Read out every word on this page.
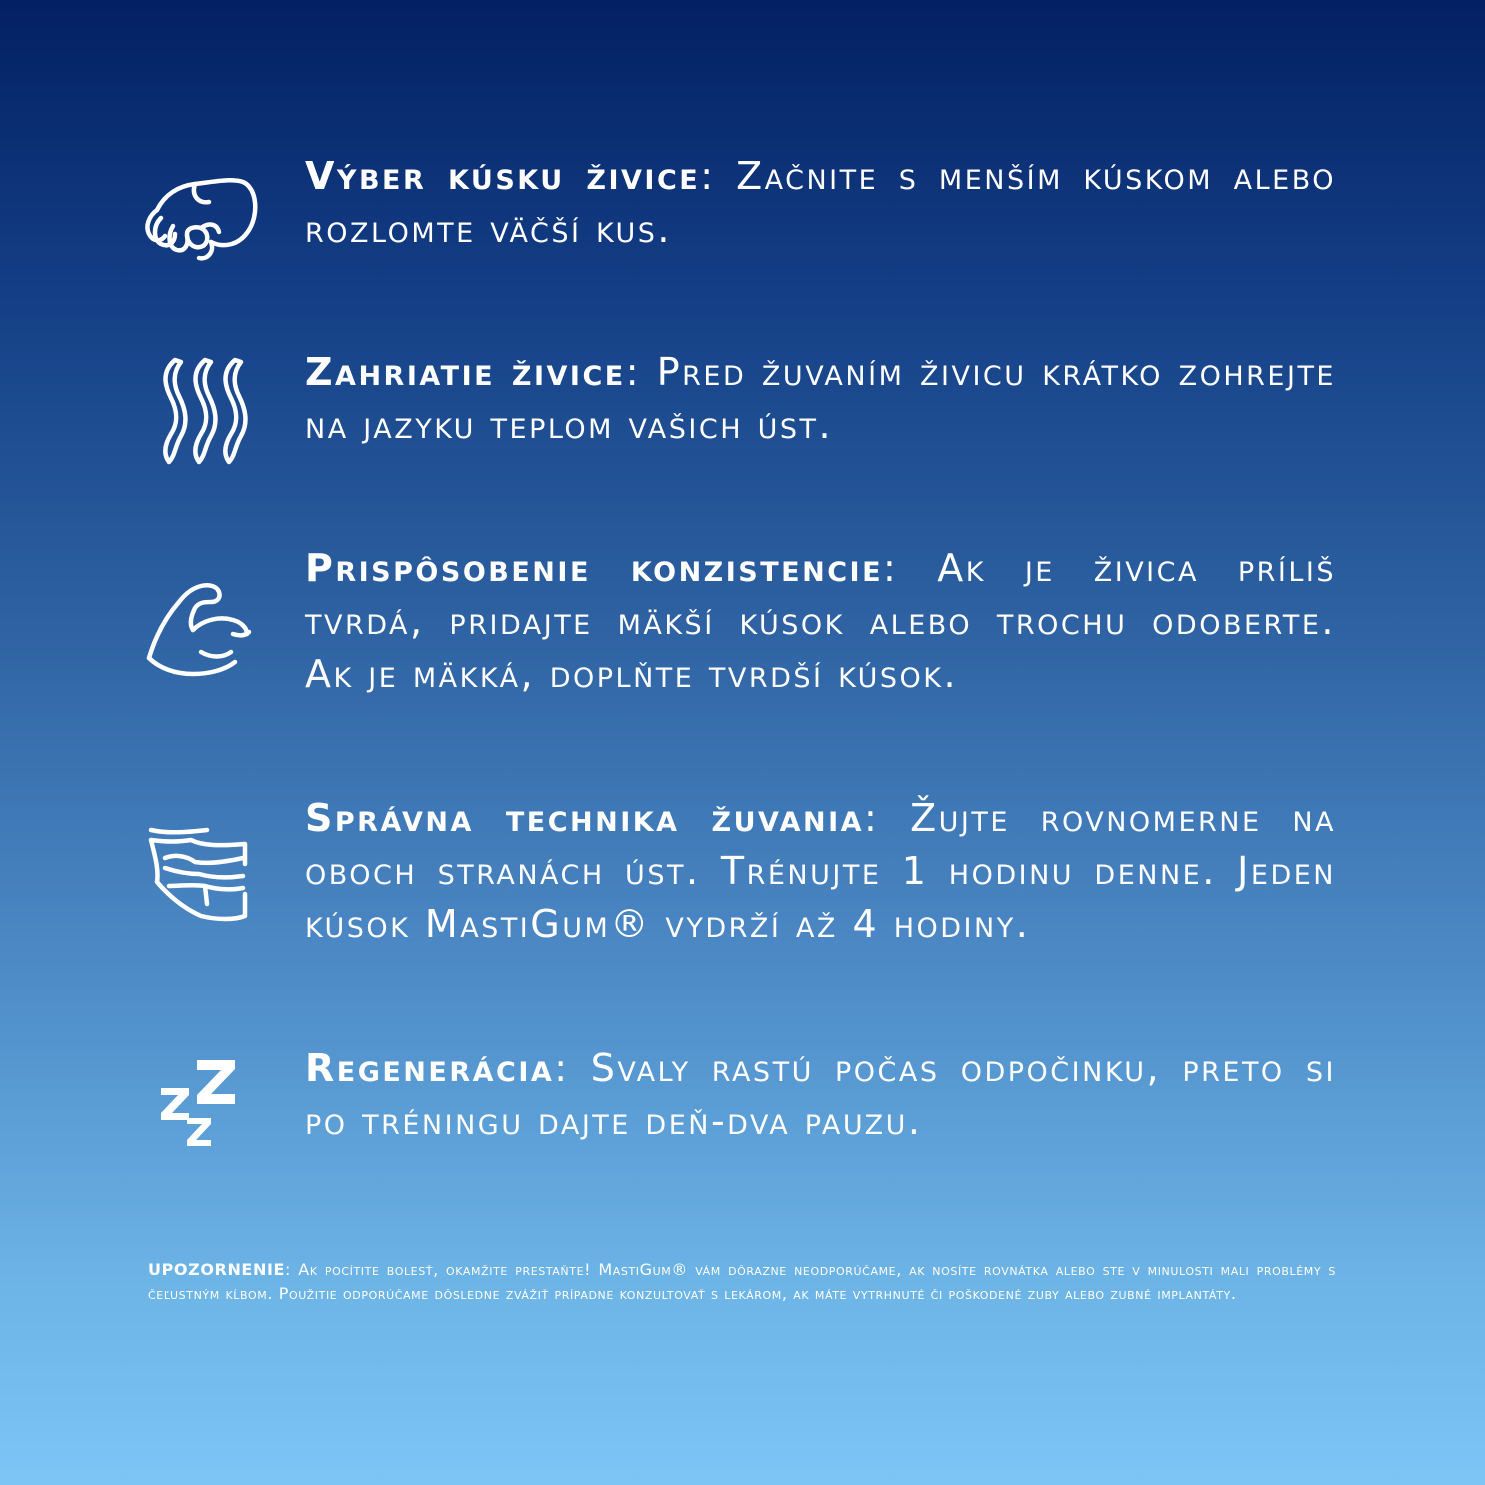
Výber kúsku živice: Začnite s menším kúskom alebo rozlomte väčší kus.

Zahriatie živice: Pred žuvaním živicu krátko zohrejte na jazyku teplom vašich úst.

Prispôsobenie konzistencie: Ak je živica príliš tvrdá, pridajte mäkší kúsok alebo trochu odoberte. Ak je mäkká, doplňte tvrdší kúsok.

Správna technika žuvania: Žujte rovnomerne na oboch stranách úst. Trénujte 1 hodinu denne. Jeden kúsok MastiGum® vydrží až 4 hodiny.

Regenerácia: Svaly rastú počas odpočinku, preto si po tréningu dajte deň-dva pauzu.

UPOZORNENIE: Ak pocítite bolesť, okamžite prestaňte! MastiGum® vám dôrazne neodporúčame, ak nosíte rovnátka alebo ste v minulosti mali problémy s čeľustným kĺbom. Použitie odporúčame dôsledne zvážiť prípadne konzultovať s lekárom, ak máte vytrhnuté či poškodené zuby alebo zubné implantáty.
